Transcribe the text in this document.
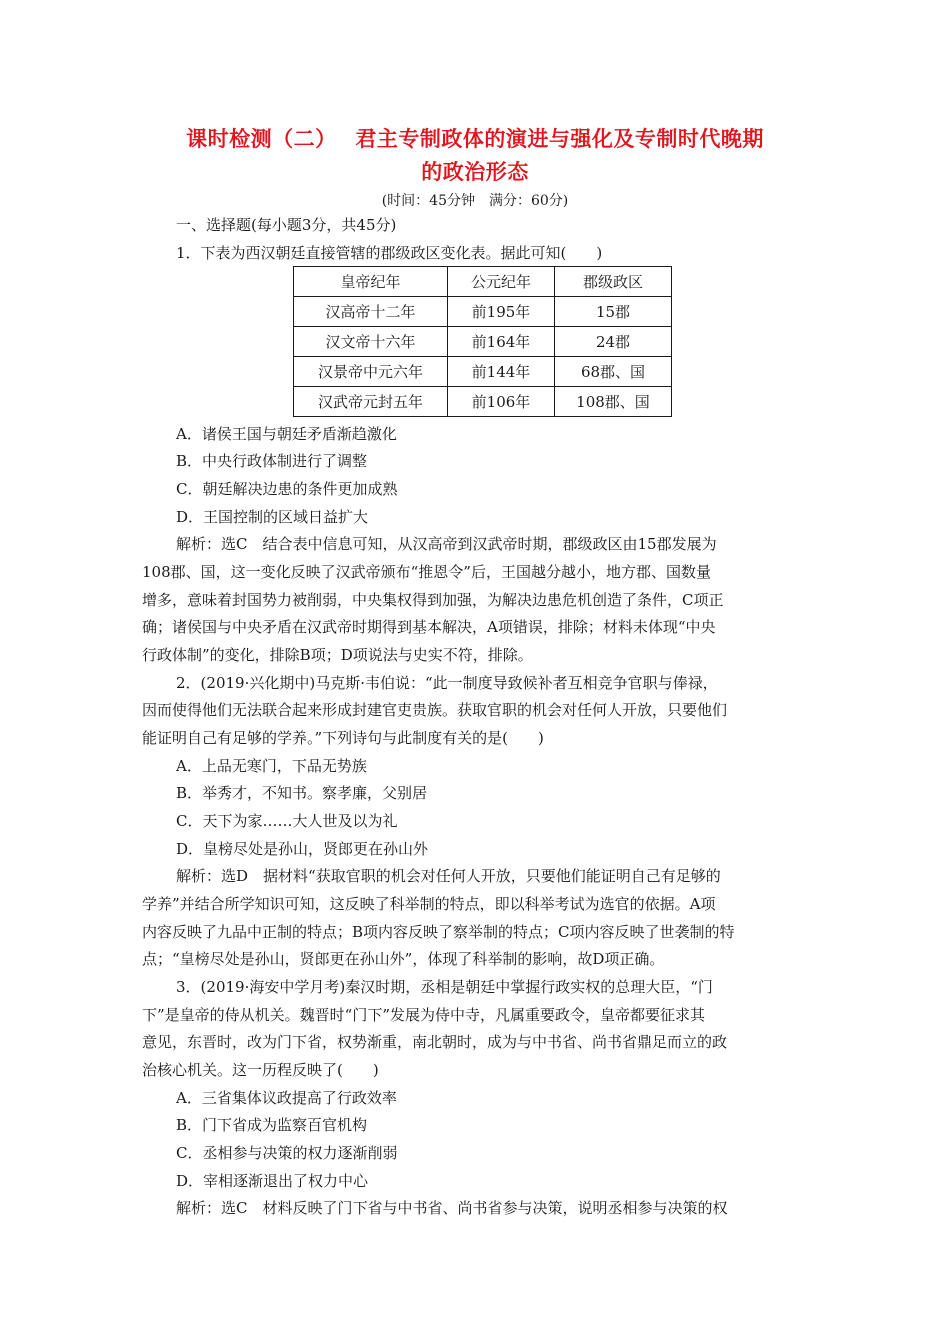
课时检测（二）　 君主专制政体的演进与强化及专制时代晚期
的政治形态
(时间：45分钟　满分：60分)
一、选择题(每小题3分，共45分)
1．下表为西汉朝廷直接管辖的郡级政区变化表。据此可知(　　)
皇帝纪年	公元纪年	郡级政区
汉高帝十二年	前195年	15郡
汉文帝十六年	前164年	24郡
汉景帝中元六年	前144年	68郡、国
汉武帝元封五年	前106年	108郡、国
A．诸侯王国与朝廷矛盾渐趋激化
B．中央行政体制进行了调整
C．朝廷解决边患的条件更加成熟
D．王国控制的区域日益扩大
解析：选C　结合表中信息可知，从汉高帝到汉武帝时期，郡级政区由15郡发展为
108郡、国，这一变化反映了汉武帝颁布“推恩令”后，王国越分越小，地方郡、国数量
增多，意味着封国势力被削弱，中央集权得到加强，为解决边患危机创造了条件，C项正
确；诸侯国与中央矛盾在汉武帝时期得到基本解决，A项错误，排除；材料未体现“中央
行政体制”的变化，排除B项；D项说法与史实不符，排除。
2．(2019·兴化期中)马克斯·韦伯说：“此一制度导致候补者互相竞争官职与俸禄，
因而使得他们无法联合起来形成封建官吏贵族。获取官职的机会对任何人开放，只要他们
能证明自己有足够的学养。”下列诗句与此制度有关的是(　　)
A．上品无寒门，下品无势族
B．举秀才，不知书。察孝廉，父别居
C．天下为家……大人世及以为礼
D．皇榜尽处是孙山，贤郎更在孙山外
解析：选D　据材料“获取官职的机会对任何人开放，只要他们能证明自己有足够的
学养”并结合所学知识可知，这反映了科举制的特点，即以科举考试为选官的依据。A项
内容反映了九品中正制的特点；B项内容反映了察举制的特点；C项内容反映了世袭制的特
点；“皇榜尽处是孙山，贤郎更在孙山外”，体现了科举制的影响，故D项正确。
3．(2019·海安中学月考)秦汉时期，丞相是朝廷中掌握行政实权的总理大臣，“门
下”是皇帝的侍从机关。魏晋时“门下”发展为侍中寺，凡属重要政令，皇帝都要征求其
意见，东晋时，改为门下省，权势渐重，南北朝时，成为与中书省、尚书省鼎足而立的政
治核心机关。这一历程反映了(　　)
A．三省集体议政提高了行政效率
B．门下省成为监察百官机构
C．丞相参与决策的权力逐渐削弱
D．宰相逐渐退出了权力中心
解析：选C　材料反映了门下省与中书省、尚书省参与决策，说明丞相参与决策的权
